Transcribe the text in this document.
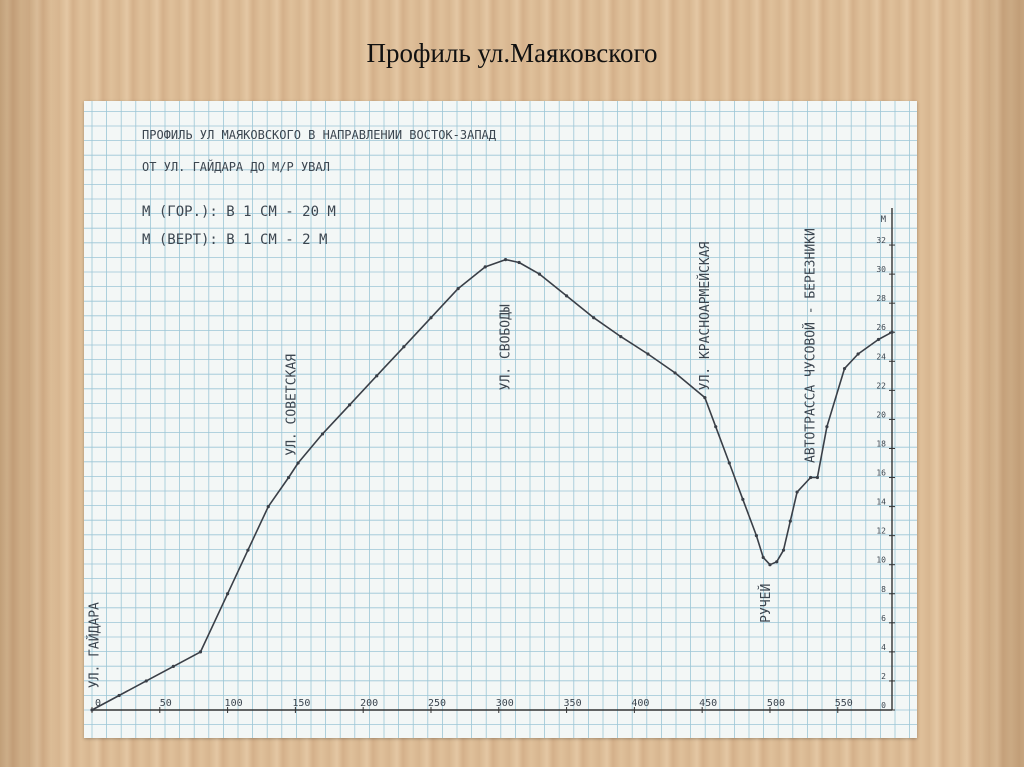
Профиль ул.Маяковского
0	50	100	150	200	250	300	350	400	450	500	550	0
2
4
6
8
10
12
14
16
18
20
22
24
26
28
30
32
М
ПРОФИЛЬ УЛ МАЯКОВСКОГО В НАПРАВЛЕНИИ ВОСТОК-ЗАПАД
ОТ УЛ. ГАЙДАРА ДО М/Р УВАЛ
М (ГОР.): В 1 СМ - 20 М
М (ВЕРТ): В 1 СМ - 2 М
УЛ. ГАЙДАРА
УЛ. СОВЕТСКАЯ
УЛ. СВОБОДЫ	УЛ. КРАСНОАРМЕЙСКАЯ
РУЧЕЙ
АВТОТРАССА ЧУСОВОЙ - БЕРЕЗНИКИ
